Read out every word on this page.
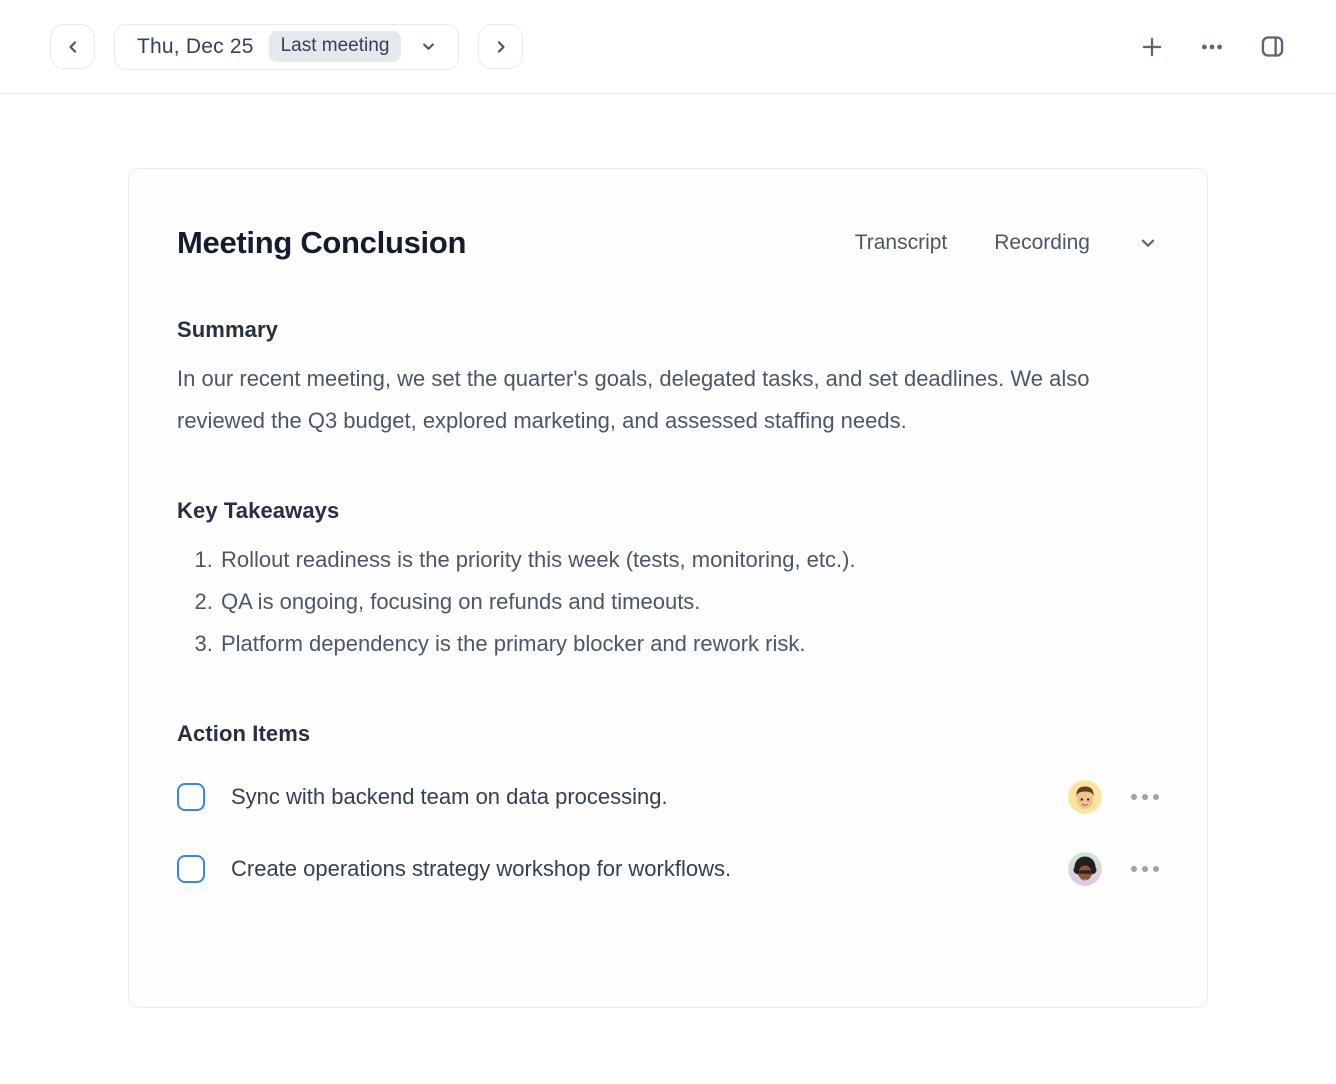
Thu, Dec 25	Last meeting
Meeting Conclusion	Transcript Recording
Summary

In our recent meeting, we set the quarter's goals, delegated tasks, and set deadlines. We also reviewed the Q3 budget, explored marketing, and assessed staffing needs.

Key Takeaways
1. Rollout readiness is the priority this week (tests, monitoring, etc.).
2. QA is ongoing, focusing on refunds and timeouts.
3. Platform dependency is the primary blocker and rework risk.
Action Items
Sync with backend team on data processing.
Create operations strategy workshop for workflows.
